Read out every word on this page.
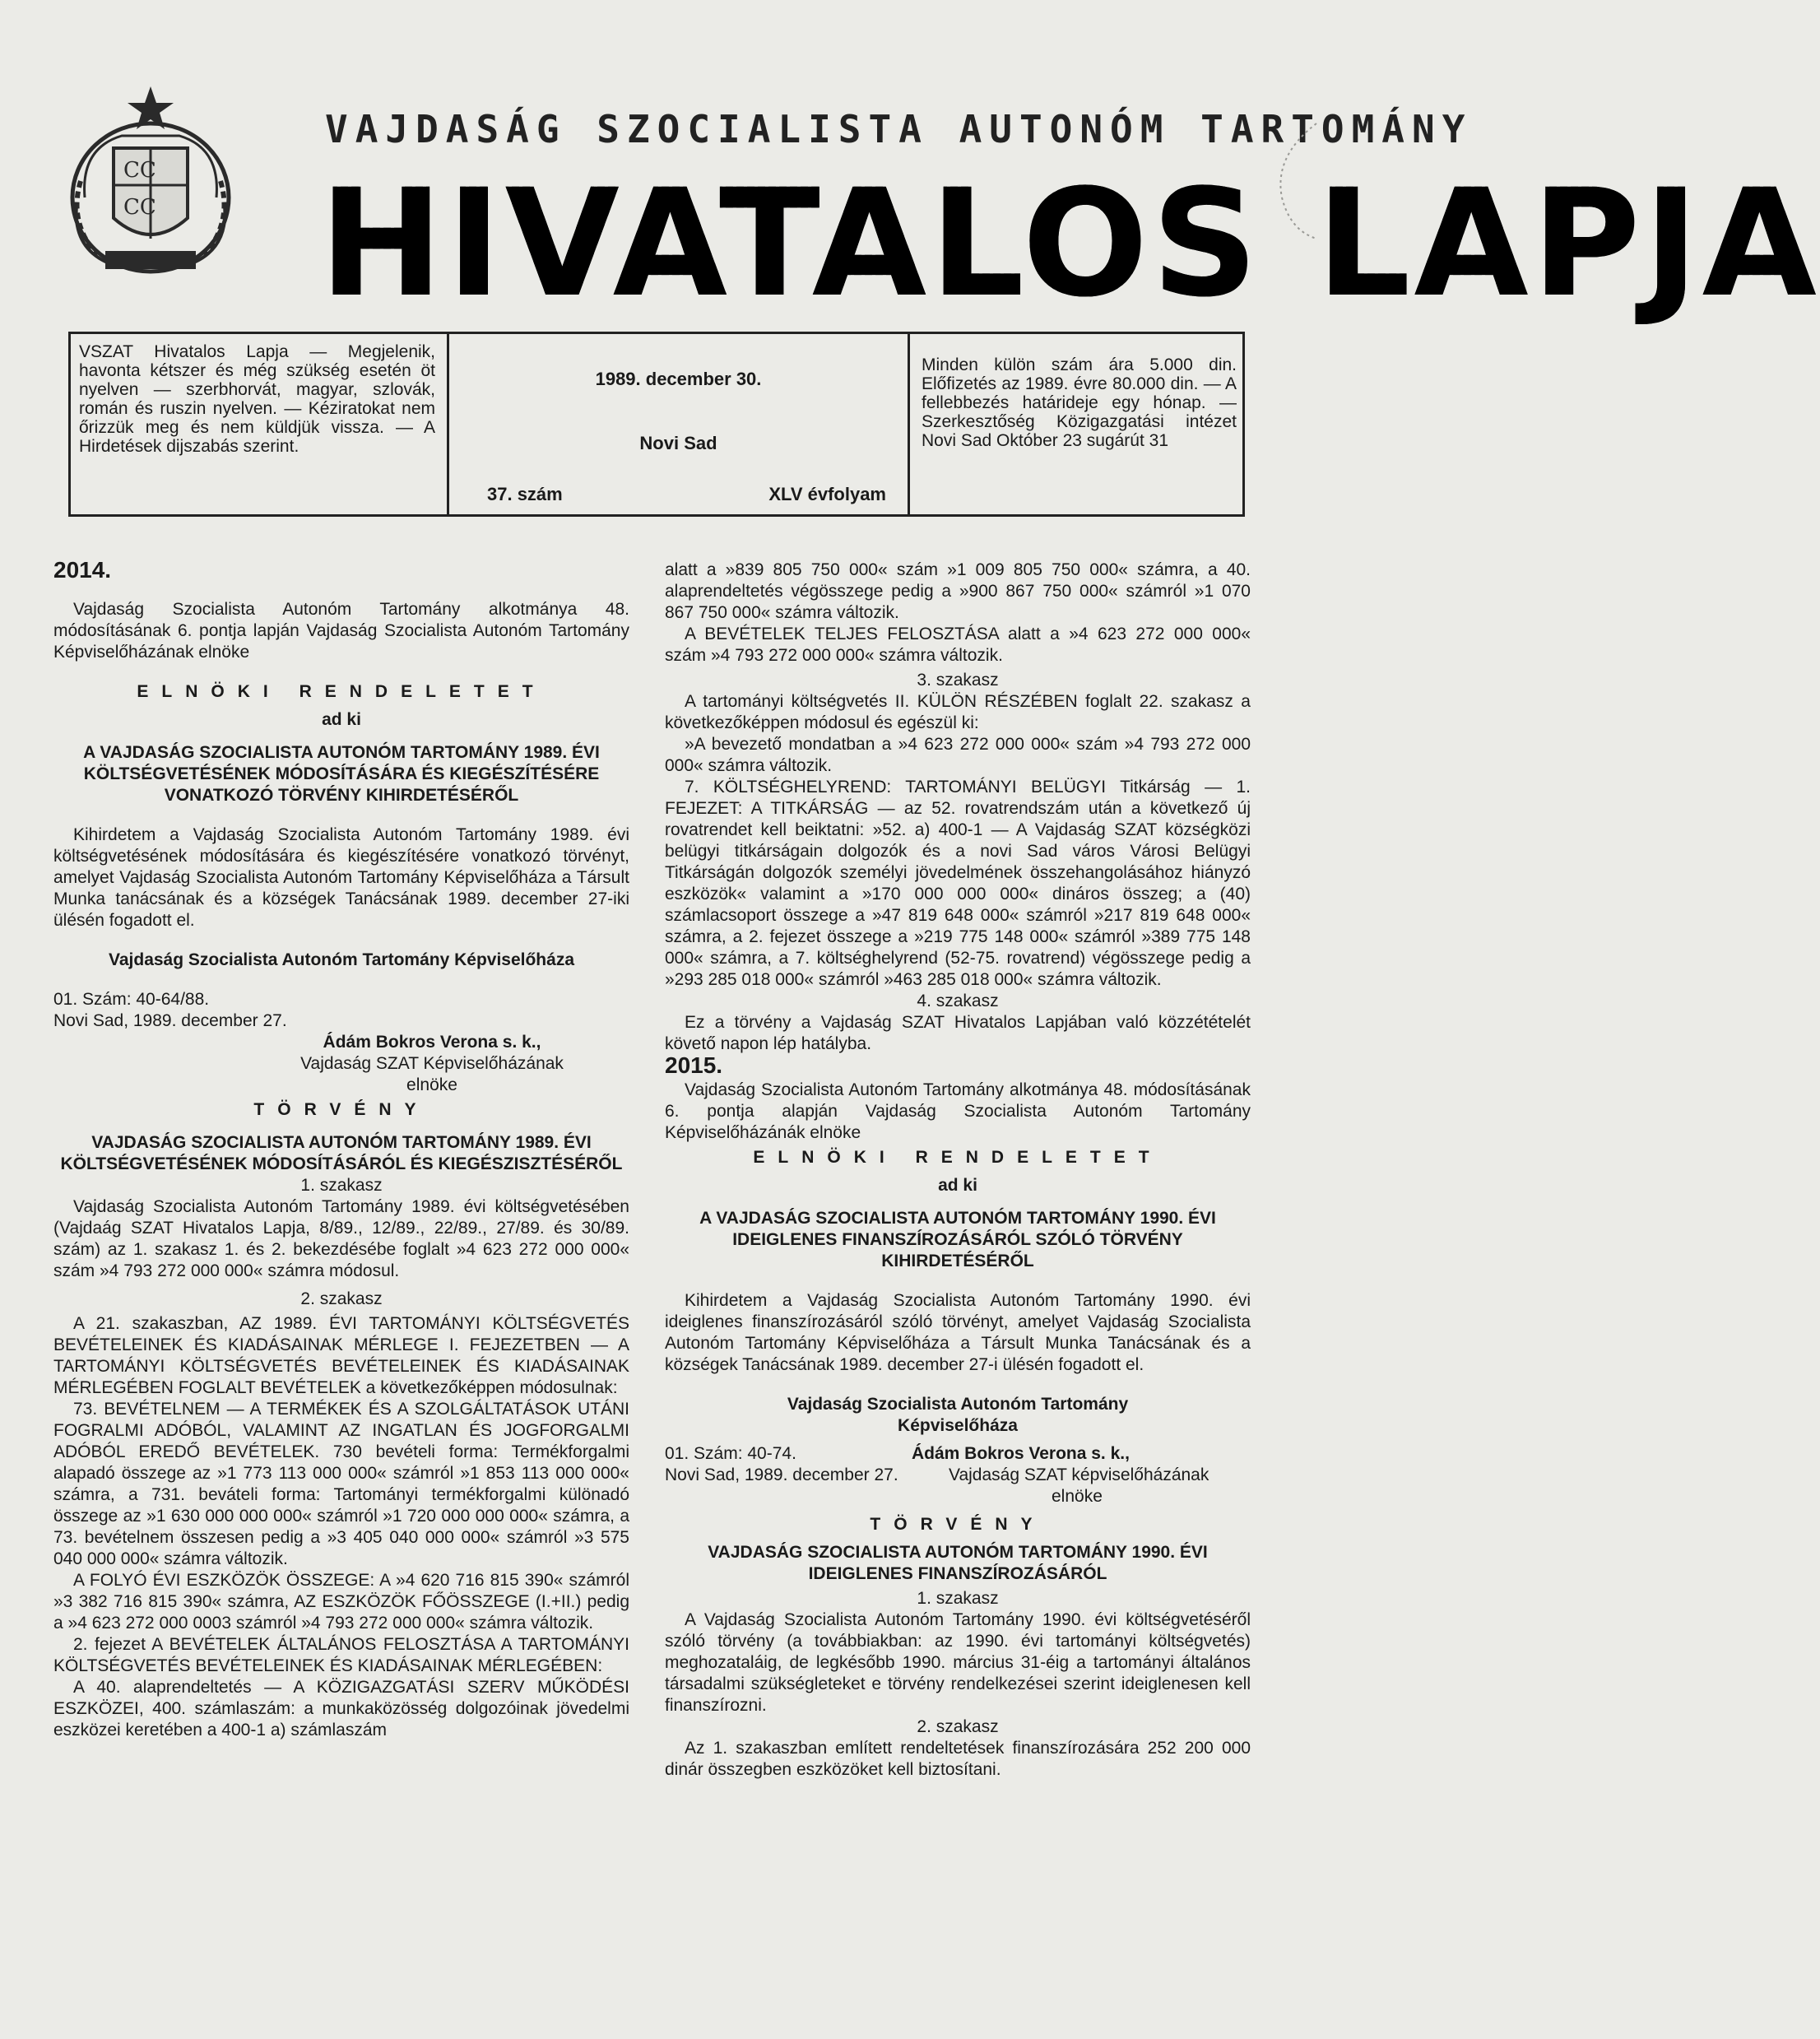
СС
СС
VAJDASÁG SZOCIALISTA AUTONÓM TARTOMÁNY
HIVATALOS LAPJA

VSZAT Hivatalos Lapja — Megjelenik, havonta kétszer és még szükség esetén öt nyelven — szerbhorvát, magyar, szlovák, román és ruszin nyelven. — Kéziratokat nem őrizzük meg és nem küldjük vissza. — A Hirdetések dijszabás szerint.

1989. december 30.
Novi Sad
37. szám	XLV évfolyam

Minden külön szám ára 5.000 din. Előfizetés az 1989. évre 80.000 din. — A fellebbezés határideje egy hónap. — Szerkesztőség Közigazgatási intézet Novi Sad Október 23 sugárút 31

2014.

Vajdaság Szocialista Autonóm Tartomány alkotmánya 48. módosításának 6. pontja lapján Vajdaság Szocialista Autonóm Tartomány Képviselőházának elnöke

ELNÖKI RENDELETET

ad ki

A VAJDASÁG SZOCIALISTA AUTONÓM TARTOMÁNY 1989. ÉVI KÖLTSÉGVETÉSÉNEK MÓDOSÍTÁSÁRA ÉS KIEGÉSZÍTÉSÉRE VONATKOZÓ TÖRVÉNY KIHIRDETÉSÉRŐL

Kihirdetem a Vajdaság Szocialista Autonóm Tartomány 1989. évi költségvetésének módosítására és kiegészítésére vonatkozó törvényt, amelyet Vajdaság Szocialista Autonóm Tartomány Képviselőháza a Társult Munka tanácsának és a községek Tanácsának 1989. december 27-iki ülésén fogadott el.

Vajdaság Szocialista Autonóm Tartomány Képviselőháza

01. Szám: 40-64/88.

Novi Sad, 1989. december 27.

Ádám Bokros Verona s. k.,

Vajdaság SZAT Képviselőházának

elnöke

TÖRVÉNY

VAJDASÁG SZOCIALISTA AUTONÓM TARTOMÁNY 1989. ÉVI KÖLTSÉGVETÉSÉNEK MÓDOSÍTÁSÁRÓL ÉS KIEGÉSZISZTÉSÉRŐL

1. szakasz

Vajdaság Szocialista Autonóm Tartomány 1989. évi költségvetésében (Vajdaág SZAT Hivatalos Lapja, 8/89., 12/89., 22/89., 27/89. és 30/89. szám) az 1. szakasz 1. és 2. bekezdésébe foglalt »4 623 272 000 000« szám »4 793 272 000 000« számra módosul.

2. szakasz

A 21. szakaszban, AZ 1989. ÉVI TARTOMÁNYI KÖLTSÉGVETÉS BEVÉTELEINEK ÉS KIADÁSAINAK MÉRLEGE I. FEJEZETBEN — A TARTOMÁNYI KÖLTSÉGVETÉS BEVÉTELEINEK ÉS KIADÁSAINAK MÉRLEGÉBEN FOGLALT BEVÉTELEK a következőképpen módosulnak:

73. BEVÉTELNEM — A TERMÉKEK ÉS A SZOLGÁLTATÁSOK UTÁNI FOGRALMI ADÓBÓL, VALAMINT AZ INGATLAN ÉS JOGFORGALMI ADÓBÓL EREDŐ BEVÉTELEK. 730 bevételi forma: Termékforgalmi alapadó összege az »1 773 113 000 000« számról »1 853 113 000 000« számra, a 731. beváteli forma: Tartományi termékforgalmi különadó összege az »1 630 000 000 000« számról »1 720 000 000 000« számra, a 73. bevételnem összesen pedig a »3 405 040 000 000« számról »3 575 040 000 000« számra változik.

A FOLYÓ ÉVI ESZKÖZÖK ÖSSZEGE: A »4 620 716 815 390« számról »3 382 716 815 390« számra, AZ ESZKÖZÖK FŐÖSSZEGE (I.+II.) pedig a »4 623 272 000 0003 számról »4 793 272 000 000« számra változik.

2. fejezet A BEVÉTELEK ÁLTALÁNOS FELOSZTÁSA A TARTOMÁNYI KÖLTSÉGVETÉS BEVÉTELEINEK ÉS KIADÁSAINAK MÉRLEGÉBEN:

A 40. alaprendeltetés — A KÖZIGAZGATÁSI SZERV MŰKÖDÉSI ESZKÖZEI, 400. számlaszám: a munkaközösség dolgozóinak jövedelmi eszközei keretében a 400-1 a) számlaszám

alatt a »839 805 750 000« szám »1 009 805 750 000« számra, a 40. alaprendeltetés végösszege pedig a »900 867 750 000« számról »1 070 867 750 000« számra változik.

A BEVÉTELEK TELJES FELOSZTÁSA alatt a »4 623 272 000 000« szám »4 793 272 000 000« számra változik.

3. szakasz

A tartományi költségvetés II. KÜLÖN RÉSZÉBEN foglalt 22. szakasz a következőképpen módosul és egészül ki:

»A bevezető mondatban a »4 623 272 000 000« szám »4 793 272 000 000« számra változik.

7. KÖLTSÉGHELYREND: TARTOMÁNYI BELÜGYI Titkárság — 1. FEJEZET: A TITKÁRSÁG — az 52. rovatrendszám után a következő új rovatrendet kell beiktatni: »52. a) 400-1 — A Vajdaság SZAT községközi belügyi titkárságain dolgozók és a novi Sad város Városi Belügyi Titkárságán dolgozók személyi jövedelmének összehangolásához hiányzó eszközök« valamint a »170 000 000 000« dináros összeg; a (40) számlacsoport összege a »47 819 648 000« számról »217 819 648 000« számra, a 2. fejezet összege a »219 775 148 000« számról »389 775 148 000« számra, a 7. költséghelyrend (52-75. rovatrend) végösszege pedig a »293 285 018 000« számról »463 285 018 000« számra változik.

4. szakasz

Ez a törvény a Vajdaság SZAT Hivatalos Lapjában való közzétételét követő napon lép hatályba.

2015.

Vajdaság Szocialista Autonóm Tartomány alkotmánya 48. módosításának 6. pontja alapján Vajdaság Szocialista Autonóm Tartomány Képviselőházánák elnöke

ELNÖKI RENDELETET

ad ki

A VAJDASÁG SZOCIALISTA AUTONÓM TARTOMÁNY 1990. ÉVI IDEIGLENES FINANSZÍROZÁSÁRÓL SZÓLÓ TÖRVÉNY KIHIRDETÉSÉRŐL

Kihirdetem a Vajdaság Szocialista Autonóm Tartomány 1990. évi ideiglenes finanszírozásáról szóló törvényt, amelyet Vajdaság Szocialista Autonóm Tartomány Képviselőháza a Társult Munka Tanácsának és a községek Tanácsának 1989. december 27-i ülésén fogadott el.

Vajdaság Szocialista Autonóm Tartomány

Képviselőháza

01. Szám: 40-74.

Novi Sad, 1989. december 27.

Ádám Bokros Verona s. k.,

Vajdaság SZAT képviselőházának

elnöke

TÖRVÉNY

VAJDASÁG SZOCIALISTA AUTONÓM TARTOMÁNY 1990. ÉVI IDEIGLENES FINANSZÍROZÁSÁRÓL

1. szakasz

A Vajdaság Szocialista Autonóm Tartomány 1990. évi költségvetéséről szóló törvény (a továbbiakban: az 1990. évi tartományi költségvetés) meghozataláig, de legkésőbb 1990. március 31-éig a tartományi általános társadalmi szükségleteket e törvény rendelkezései szerint ideiglenesen kell finanszírozni.

2. szakasz

Az 1. szakaszban említett rendeltetések finanszírozására 252 200 000 dinár összegben eszközöket kell biztosítani.
